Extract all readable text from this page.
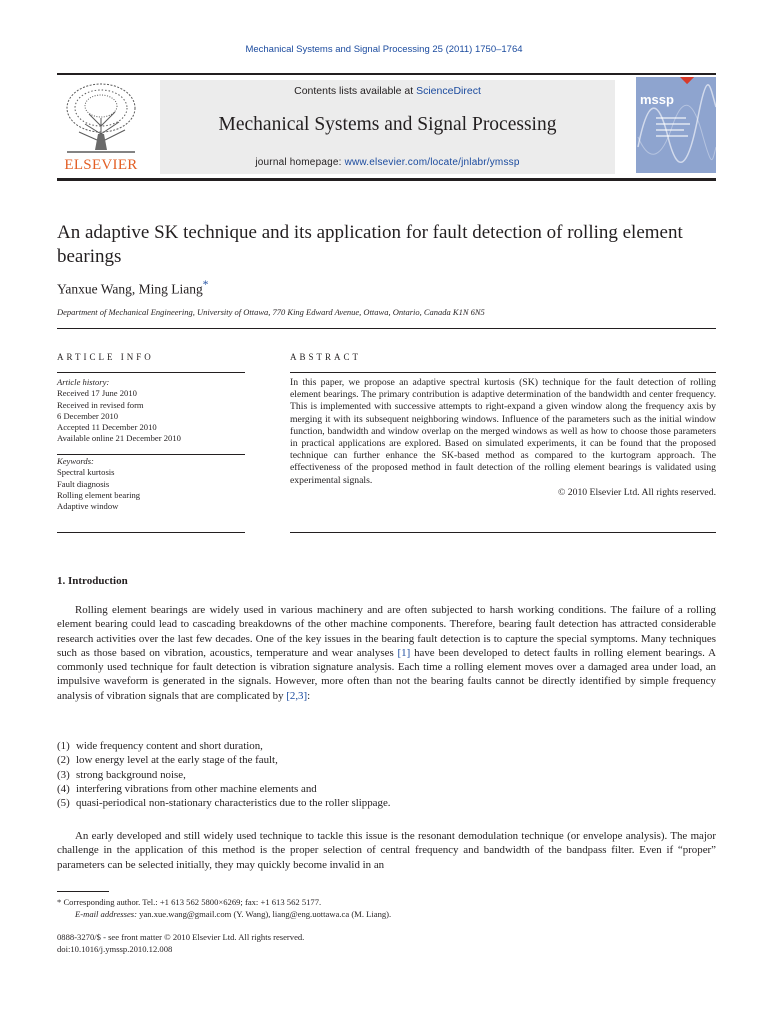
Mechanical Systems and Signal Processing 25 (2011) 1750–1764
ELSEVIER
Contents lists available at ScienceDirect
Mechanical Systems and Signal Processing
journal homepage: www.elsevier.com/locate/jnlabr/ymssp
mssp
An adaptive SK technique and its application for fault detection of rolling element bearings
Yanxue Wang, Ming Liang*
Department of Mechanical Engineering, University of Ottawa, 770 King Edward Avenue, Ottawa, Ontario, Canada K1N 6N5
ARTICLE INFO	ABSTRACT
Article history:
Received 17 June 2010
Received in revised form
6 December 2010
Accepted 11 December 2010
Available online 21 December 2010
Keywords:
Spectral kurtosis
Fault diagnosis
Rolling element bearing
Adaptive window
In this paper, we propose an adaptive spectral kurtosis (SK) technique for the fault detection of rolling element bearings. The primary contribution is adaptive determination of the bandwidth and center frequency. This is implemented with successive attempts to right-expand a given window along the frequency axis by merging it with its subsequent neighboring windows. Influence of the parameters such as the initial window function, bandwidth and window overlap on the merged windows as well as how to choose those parameters in practical applications are explored. Based on simulated experiments, it can be found that the proposed technique can further enhance the SK-based method as compared to the kurtogram approach. The effectiveness of the proposed method in fault detection of the rolling element bearings is validated using experimental signals.
© 2010 Elsevier Ltd. All rights reserved.
1. Introduction
Rolling element bearings are widely used in various machinery and are often subjected to harsh working conditions. The failure of a rolling element bearing could lead to cascading breakdowns of the other machine components. Therefore, bearing fault detection has attracted considerable research activities over the last few decades. One of the key issues in the bearing fault detection is to capture the special symptoms. Many techniques such as those based on vibration, acoustics, temperature and wear analyses [1] have been developed to detect faults in rolling element bearings. A commonly used technique for fault detection is vibration signature analysis. Each time a rolling element moves over a damaged area under load, an impulsive waveform is generated in the signals. However, more often than not the bearing faults cannot be directly identified by simple frequency analysis of vibration signals that are complicated by [2,3]:
(1) wide frequency content and short duration,
(2) low energy level at the early stage of the fault,
(3) strong background noise,
(4) interfering vibrations from other machine elements and
(5) quasi-periodical non-stationary characteristics due to the roller slippage.
An early developed and still widely used technique to tackle this issue is the resonant demodulation technique (or envelope analysis). The major challenge in the application of this method is the proper selection of central frequency and bandwidth of the bandpass filter. Even if “proper” parameters can be selected initially, they may quickly become invalid in an
* Corresponding author. Tel.: +1 613 562 5800×6269; fax: +1 613 562 5177.
E-mail addresses: yan.xue.wang@gmail.com (Y. Wang), liang@eng.uottawa.ca (M. Liang).
0888-3270/$ - see front matter © 2010 Elsevier Ltd. All rights reserved.
doi:10.1016/j.ymssp.2010.12.008
